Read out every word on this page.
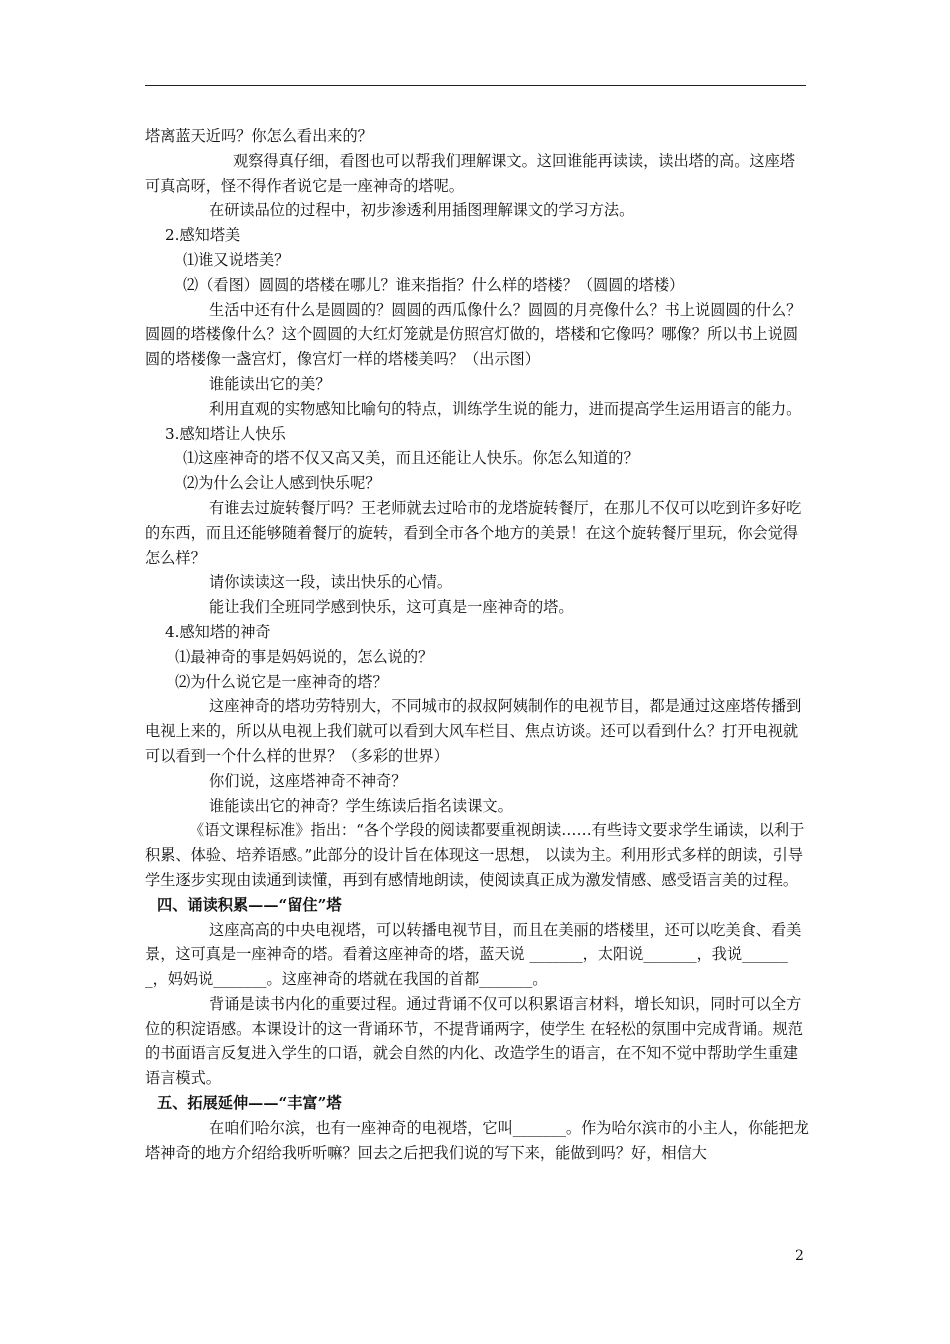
塔离蓝天近吗？你怎么看出来的？

观察得真仔细，看图也可以帮我们理解课文。这回谁能再读读，读出塔的高。这座塔可真高呀，怪不得作者说它是一座神奇的塔呢。

在研读品位的过程中，初步渗透利用插图理解课文的学习方法。

2.感知塔美

⑴谁又说塔美？

⑵（看图）圆圆的塔楼在哪儿？谁来指指？什么样的塔楼？（圆圆的塔楼）

生活中还有什么是圆圆的？圆圆的西瓜像什么？圆圆的月亮像什么？书上说圆圆的什么？圆圆的塔楼像什么？这个圆圆的大红灯笼就是仿照宫灯做的，塔楼和它像吗？哪像？所以书上说圆圆的塔楼像一盏宫灯，像宫灯一样的塔楼美吗？（出示图）

谁能读出它的美？

利用直观的实物感知比喻句的特点，训练学生说的能力，进而提高学生运用语言的能力。

3.感知塔让人快乐

⑴这座神奇的塔不仅又高又美，而且还能让人快乐。你怎么知道的？

⑵为什么会让人感到快乐呢？

有谁去过旋转餐厅吗？王老师就去过哈市的龙塔旋转餐厅，在那儿不仅可以吃到许多好吃的东西，而且还能够随着餐厅的旋转，看到全市各个地方的美景！在这个旋转餐厅里玩，你会觉得怎么样？

请你读读这一段，读出快乐的心情。

能让我们全班同学感到快乐，这可真是一座神奇的塔。

4.感知塔的神奇

⑴最神奇的事是妈妈说的，怎么说的？

⑵为什么说它是一座神奇的塔？

这座神奇的塔功劳特别大，不同城市的叔叔阿姨制作的电视节目，都是通过这座塔传播到电视上来的，所以从电视上我们就可以看到大风车栏目、焦点访谈。还可以看到什么？打开电视就可以看到一个什么样的世界？（多彩的世界）

你们说，这座塔神奇不神奇？

谁能读出它的神奇？学生练读后指名读课文。

《语文课程标准》指出：“各个学段的阅读都要重视朗读……有些诗文要求学生诵读，以利于积累、体验、培养语感。”此部分的设计旨在体现这一思想， 以读为主。利用形式多样的朗读，引导学生逐步实现由读通到读懂，再到有感情地朗读，使阅读真正成为激发情感、感受语言美的过程。

四、诵读积累——“留住”塔

这座高高的中央电视塔，可以转播电视节目，而且在美丽的塔楼里，还可以吃美食、看美景，这可真是一座神奇的塔。看着这座神奇的塔，蓝天说 _______，太阳说_______，我说_______，妈妈说_______。这座神奇的塔就在我国的首都_______。

背诵是读书内化的重要过程。通过背诵不仅可以积累语言材料，增长知识，同时可以全方位的积淀语感。本课设计的这一背诵环节，不提背诵两字，使学生 在轻松的氛围中完成背诵。规范的书面语言反复进入学生的口语，就会自然的内化、改造学生的语言，在不知不觉中帮助学生重建语言模式。

五、拓展延伸——“丰富”塔

在咱们哈尔滨，也有一座神奇的电视塔，它叫_______。作为哈尔滨市的小主人，你能把龙塔神奇的地方介绍给我听听嘛？回去之后把我们说的写下来，能做到吗？好，相信大

2
